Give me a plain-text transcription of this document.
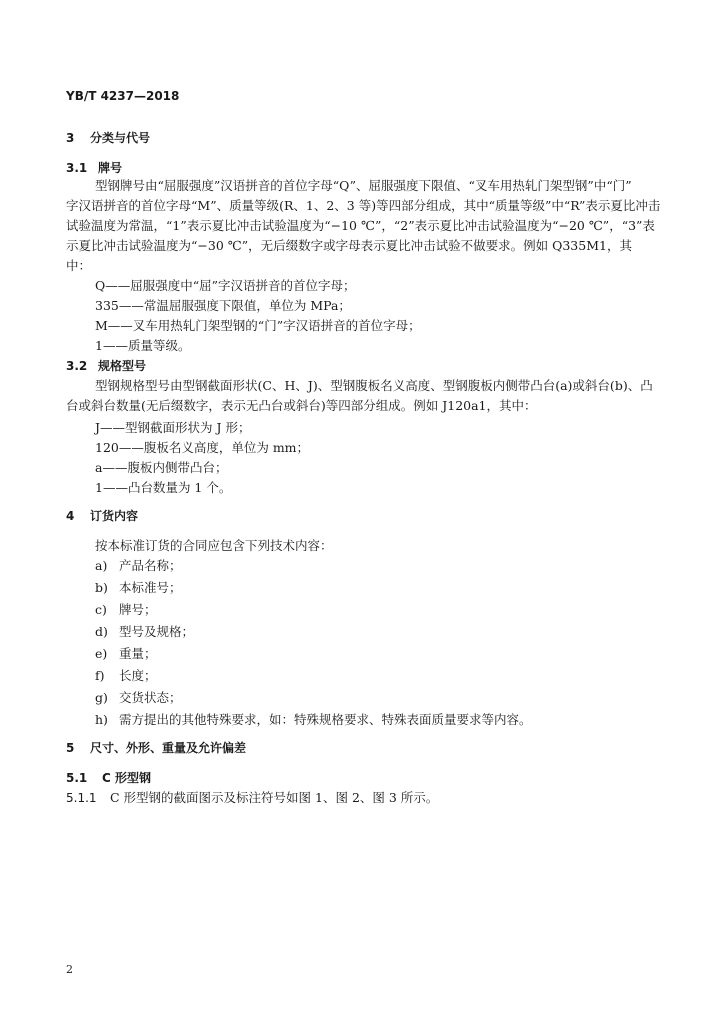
YB/T 4237—2018
3 分类与代号
3.1 牌号
型钢牌号由“屈服强度”汉语拼音的首位字母“Q”、屈服强度下限值、“叉车用热轧门架型钢”中“门”
字汉语拼音的首位字母“M”、质量等级(R、1、2、3 等)等四部分组成，其中“质量等级”中“R”表示夏比冲击
试验温度为常温，“1”表示夏比冲击试验温度为“−10 ℃”，“2”表示夏比冲击试验温度为“−20 ℃”，“3”表
示夏比冲击试验温度为“−30 ℃”，无后缀数字或字母表示夏比冲击试验不做要求。例如 Q335M1，其
中：
Q——屈服强度中“屈”字汉语拼音的首位字母；
335——常温屈服强度下限值，单位为 MPa；
M——叉车用热轧门架型钢的“门”字汉语拼音的首位字母；
1——质量等级。
3.2 规格型号
型钢规格型号由型钢截面形状(C、H、J)、型钢腹板名义高度、型钢腹板内侧带凸台(a)或斜台(b)、凸
台或斜台数量(无后缀数字，表示无凸台或斜台)等四部分组成。例如 J120a1，其中：
J——型钢截面形状为 J 形；
120——腹板名义高度，单位为 mm；
a——腹板内侧带凸台；
1——凸台数量为 1 个。
4 订货内容
按本标准订货的合同应包含下列技术内容：
a) 产品名称；
b) 本标准号；
c) 牌号；
d) 型号及规格；
e) 重量；
f) 长度；
g) 交货状态；
h) 需方提出的其他特殊要求，如：特殊规格要求、特殊表面质量要求等内容。
5 尺寸、外形、重量及允许偏差
5.1 C 形型钢
5.1.1 C 形型钢的截面图示及标注符号如图 1、图 2、图 3 所示。
2
